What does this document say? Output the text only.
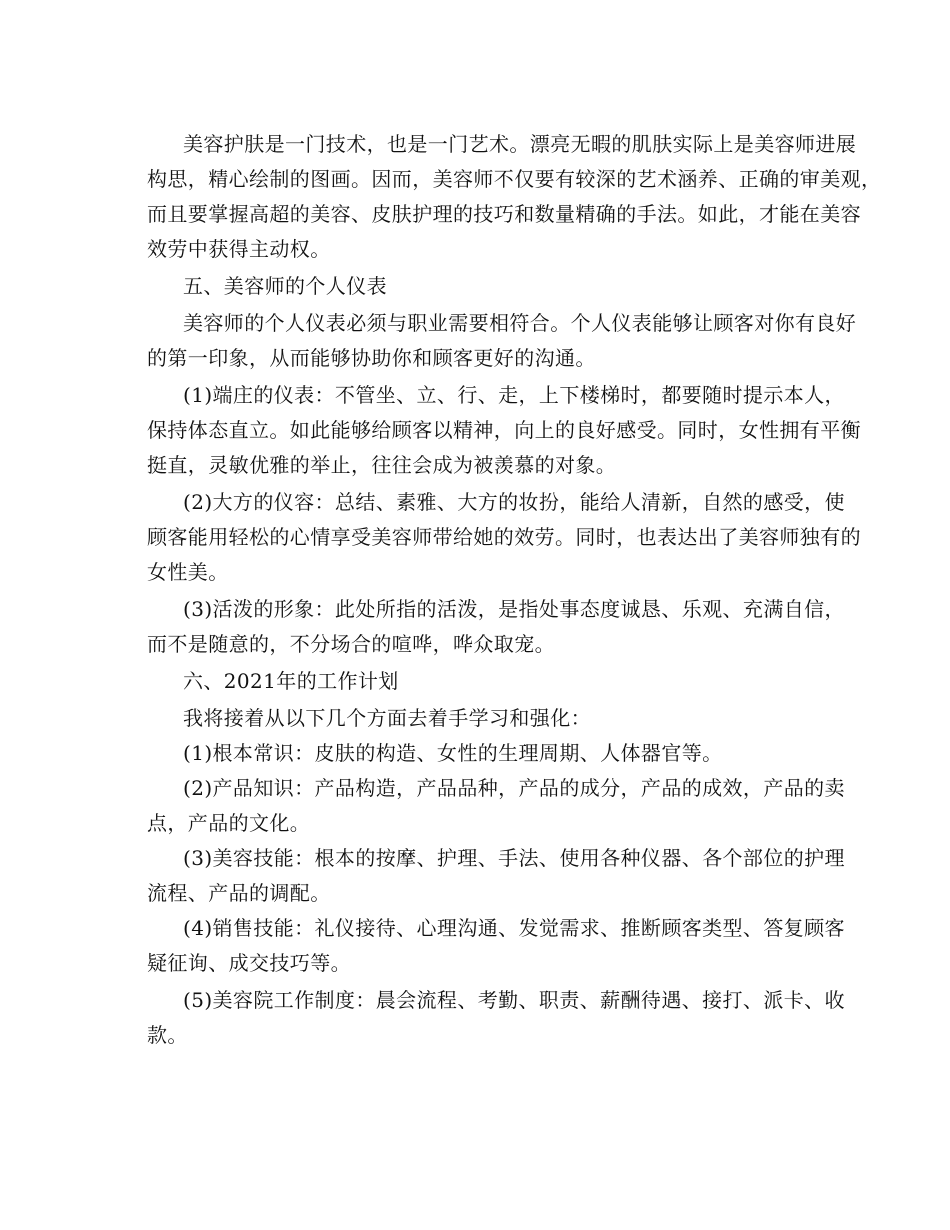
美容护肤是一门技术，也是一门艺术。漂亮无暇的肌肤实际上是美容师进展
构思，精心绘制的图画。因而，美容师不仅要有较深的艺术涵养、正确的审美观，
而且要掌握高超的美容、皮肤护理的技巧和数量精确的手法。如此，才能在美容
效劳中获得主动权。
五、美容师的个人仪表
美容师的个人仪表必须与职业需要相符合。个人仪表能够让顾客对你有良好
的第一印象，从而能够协助你和顾客更好的沟通。
(1)端庄的仪表：不管坐、立、行、走，上下楼梯时，都要随时提示本人，
保持体态直立。如此能够给顾客以精神，向上的良好感受。同时，女性拥有平衡
挺直，灵敏优雅的举止，往往会成为被羡慕的对象。
(2)大方的仪容：总结、素雅、大方的妆扮，能给人清新，自然的感受，使
顾客能用轻松的心情享受美容师带给她的效劳。同时，也表达出了美容师独有的
女性美。
(3)活泼的形象：此处所指的活泼，是指处事态度诚恳、乐观、充满自信，
而不是随意的，不分场合的喧哗，哗众取宠。
六、2021年的工作计划
我将接着从以下几个方面去着手学习和强化：
(1)根本常识：皮肤的构造、女性的生理周期、人体器官等。
(2)产品知识：产品构造，产品品种，产品的成分，产品的成效，产品的卖
点，产品的文化。
(3)美容技能：根本的按摩、护理、手法、使用各种仪器、各个部位的护理
流程、产品的调配。
(4)销售技能：礼仪接待、心理沟通、发觉需求、推断顾客类型、答复顾客
疑征询、成交技巧等。
(5)美容院工作制度：晨会流程、考勤、职责、薪酬待遇、接打、派卡、收
款。
